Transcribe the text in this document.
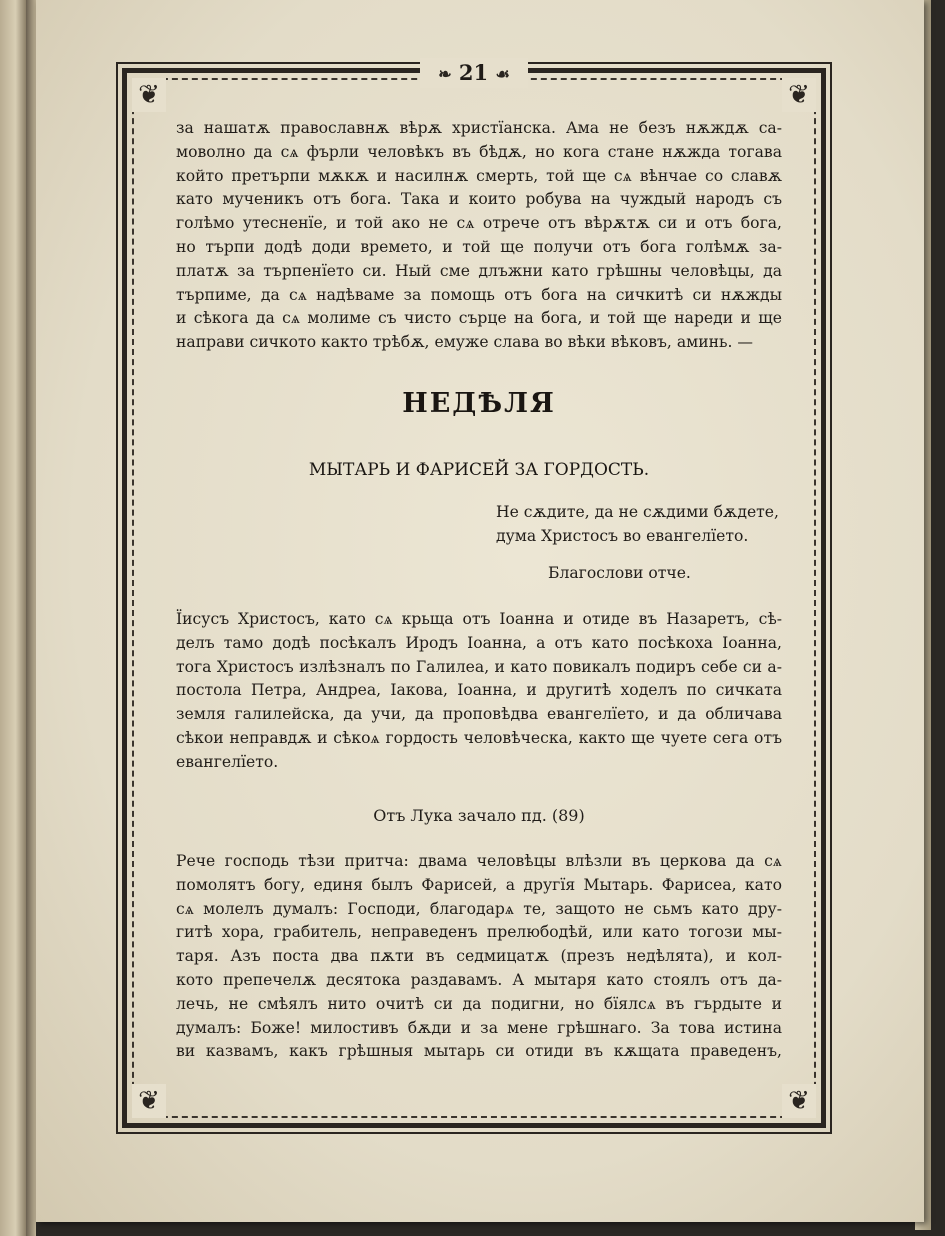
❦	❦
❦	❦
❧ 21 ☙
за нашатѫ православнѫ вѣрѫ христїанска. Ама не безъ нѫждѫ са-
моволно да сѧ фърли человѣкъ въ бѣдѫ, но кога стане нѫжда тогава
който претърпи мѫкѫ и насилнѫ смерть, той ще сѧ вѣнчае со славѫ
като мученикъ отъ бога. Така и които робува на чуждый народъ съ
голѣмо утесненїе, и той ако не сѧ отрече отъ вѣрѫтѫ си и отъ бога,
но търпи додѣ доди времето, и той ще получи отъ бога голѣмѫ за-
платѫ за търпенїето си. Ный сме длъжни като грѣшны человѣцы, да
търпиме, да сѧ надѣваме за помощь отъ бога на сичкитѣ си нѫжды
и сѣкога да сѧ молиме съ чисто сърце на бога, и той ще нареди и ще
направи сичкото както трѣбѫ, емуже слава во вѣки вѣковъ, аминь. —
НЕДѢЛЯ
МЫТАРЬ И ФАРИСЕЙ ЗА ГОРДОСТЬ.
Не сѫдите, да не сѫдими бѫдете,
дума Христосъ во евангелїето.
Благослови отче.
Їисусъ Христосъ, като сѧ крьща отъ Іоанна и отиде въ Назаретъ, сѣ-
делъ тамо додѣ посѣкалъ Иродъ Іоанна, а отъ като посѣкоха Іоанна,
тога Христосъ излѣзналъ по Галилеа, и като повикалъ подиръ себе си а-
постола Петра, Андреа, Іакова, Іоанна, и другитѣ ходелъ по сичката
земля галилейска, да учи, да проповѣдва евангелїето, и да обличава
сѣкои неправдѫ и сѣкоѧ гордость человѣческа, както ще чуете сега отъ
евангелїето.
Отъ Лука зачало пд. (89)
Рече господь тѣзи притча: двама человѣцы влѣзли въ церкова да сѧ
помолятъ богу, единя былъ Фарисей, а другїя Мытарь. Фарисеа, като
сѧ молелъ думалъ: Господи, благодарѧ те, защото не сьмъ като дру-
гитѣ хора, грабитель, неправеденъ прелюбодѣй, или като тогози мы-
таря. Азъ поста два пѫти въ седмицатѫ (презъ недѣлята), и кол-
кото препечелѫ десятока раздавамъ. А мытаря като стоялъ отъ да-
лечь, не смѣялъ нито очитѣ си да подигни, но бїялсѧ въ гърдыте и
думалъ: Боже! милостивъ бѫди и за мене грѣшнаго. За това истина
ви казвамъ, какъ грѣшныя мытарь си отиди въ кѫщата праведенъ,
